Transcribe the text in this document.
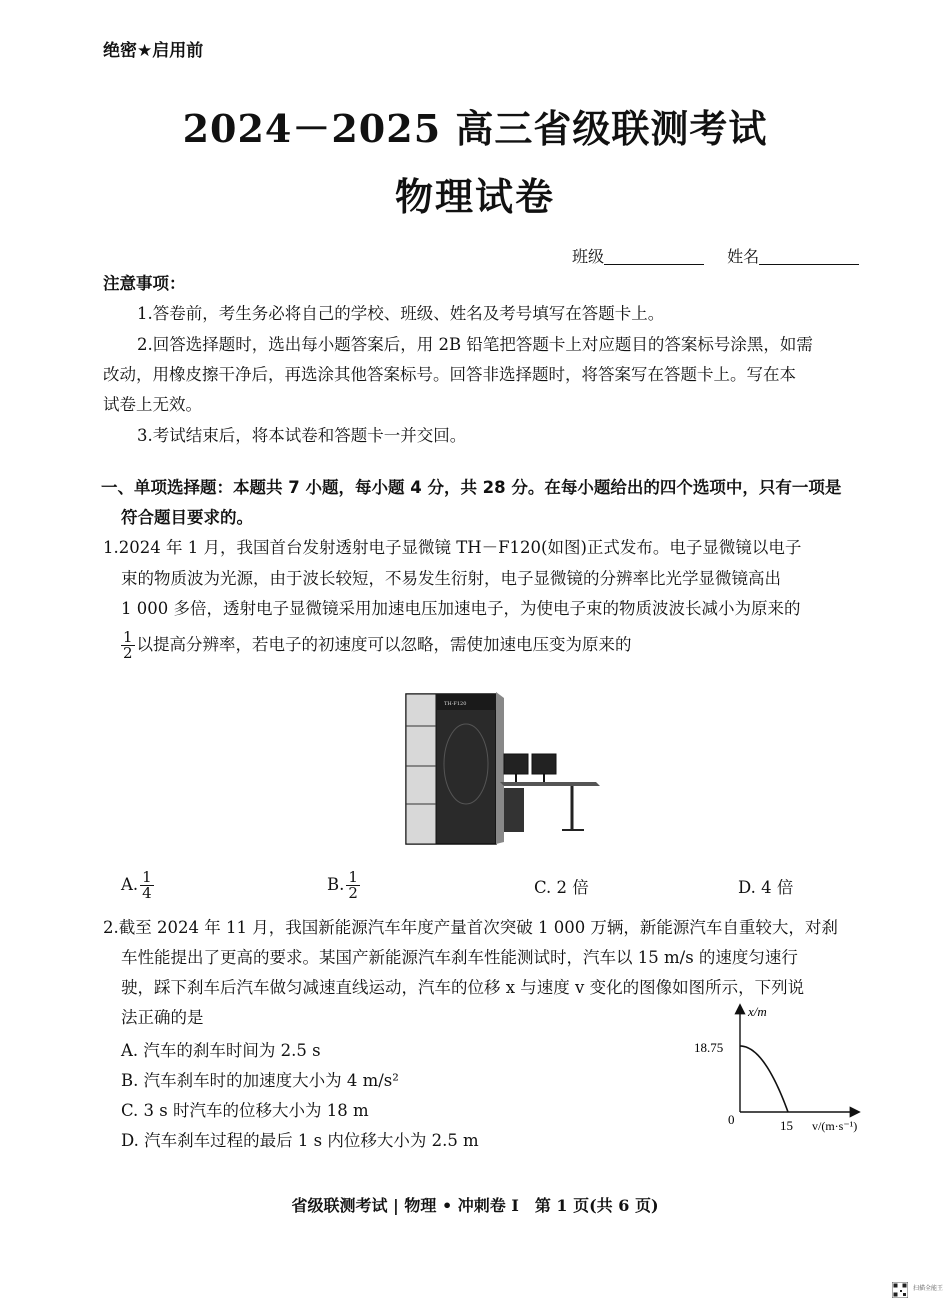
绝密★启用前
2024－2025 高三省级联测考试
物理试卷
班级	姓名
注意事项：
1.答卷前，考生务必将自己的学校、班级、姓名及考号填写在答题卡上。
2.回答选择题时，选出每小题答案后，用 2B 铅笔把答题卡上对应题目的答案标号涂黑，如需
改动，用橡皮擦干净后，再选涂其他答案标号。回答非选择题时，将答案写在答题卡上。写在本
试卷上无效。
3.考试结束后，将本试卷和答题卡一并交回。
一、单项选择题：本题共 7 小题，每小题 4 分，共 28 分。在每小题给出的四个选项中，只有一项是
符合题目要求的。
1.2024 年 1 月，我国首台发射透射电子显微镜 TH－F120(如图)正式发布。电子显微镜以电子
束的物质波为光源，由于波长较短，不易发生衍射，电子显微镜的分辨率比光学显微镜高出
1 000 多倍，透射电子显微镜采用加速电压加速电子，为使电子束的物质波波长减小为原来的
$\frac{1}{2}$ 以提高分辨率，若电子的初速度可以忽略，需使加速电压变为原来的
TH-F120
A. $\frac{1}{4}$	B. $\frac{1}{2}$	C. 2 倍	D. 4 倍
2.截至 2024 年 11 月，我国新能源汽车年度产量首次突破 1 000 万辆，新能源汽车自重较大，对刹
车性能提出了更高的要求。某国产新能源汽车刹车性能测试时，汽车以 15 m/s 的速度匀速行
驶，踩下刹车后汽车做匀减速直线运动，汽车的位移 x 与速度 v 变化的图像如图所示，下列说
法正确的是
A. 汽车的刹车时间为 2.5 s
B. 汽车刹车时的加速度大小为 4 m/s²
C. 3 s 时汽车的位移大小为 18 m
D. 汽车刹车过程的最后 1 s 内位移大小为 2.5 m
x/m
18.75
0	15 v/(m·s⁻¹)
省级联测考试 | 物理 • 冲刺卷 Ⅰ　第 1 页(共 6 页)
扫描全能王
